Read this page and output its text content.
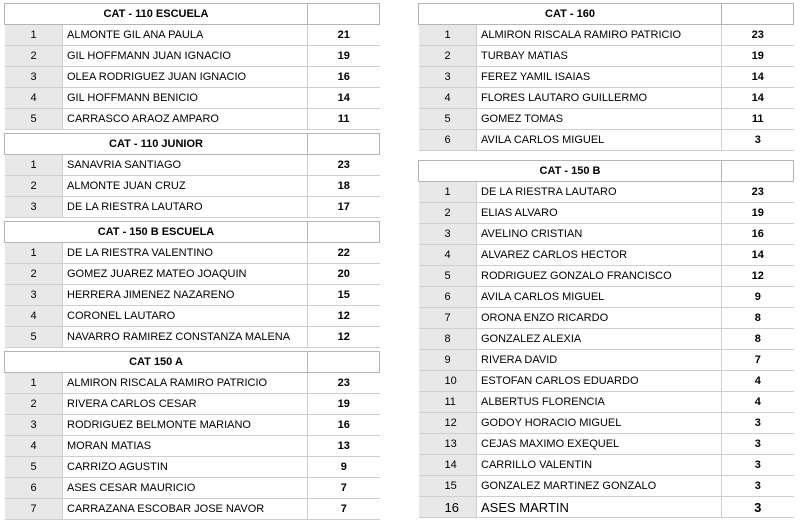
CAT - 110 ESCUELA		
1	ALMONTE GIL ANA PAULA	21
2	GIL HOFFMANN JUAN IGNACIO	19
3	OLEA RODRIGUEZ JUAN IGNACIO	16
4	GIL HOFFMANN BENICIO	14
5	CARRASCO ARAOZ AMPARO	11
CAT - 110 JUNIOR		
1	SANAVRIA SANTIAGO	23
2	ALMONTE JUAN CRUZ	18
3	DE LA RIESTRA LAUTARO	17
CAT - 150 B ESCUELA		
1	DE LA RIESTRA VALENTINO	22
2	GOMEZ JUAREZ MATEO JOAQUIN	20
3	HERRERA JIMENEZ NAZARENO	15
4	CORONEL LAUTARO	12
5	NAVARRO RAMIREZ CONSTANZA MALENA	12
CAT 150 A		
1	ALMIRON RISCALA RAMIRO PATRICIO	23
2	RIVERA CARLOS CESAR	19
3	RODRIGUEZ BELMONTE MARIANO	16
4	MORAN MATIAS	13
5	CARRIZO AGUSTIN	9
6	ASES CESAR MAURICIO	7
7	CARRAZANA ESCOBAR JOSE NAVOR	7
CAT - 160		
1	ALMIRON RISCALA RAMIRO PATRICIO	23
2	TURBAY MATIAS	19
3	FEREZ YAMIL ISAIAS	14
4	FLORES LAUTARO GUILLERMO	14
5	GOMEZ TOMAS	11
6	AVILA CARLOS MIGUEL	3
CAT - 150 B		
1	DE LA RIESTRA LAUTARO	23
2	ELIAS ALVARO	19
3	AVELINO CRISTIAN	16
4	ALVAREZ CARLOS HECTOR	14
5	RODRIGUEZ GONZALO FRANCISCO	12
6	AVILA CARLOS MIGUEL	9
7	ORONA ENZO RICARDO	8
8	GONZALEZ ALEXIA	8
9	RIVERA DAVID	7
10	ESTOFAN CARLOS EDUARDO	4
11	ALBERTUS FLORENCIA	4
12	GODOY HORACIO MIGUEL	3
13	CEJAS MAXIMO EXEQUEL	3
14	CARRILLO VALENTIN	3
15	GONZALEZ MARTINEZ GONZALO	3
16	ASES MARTIN	3
